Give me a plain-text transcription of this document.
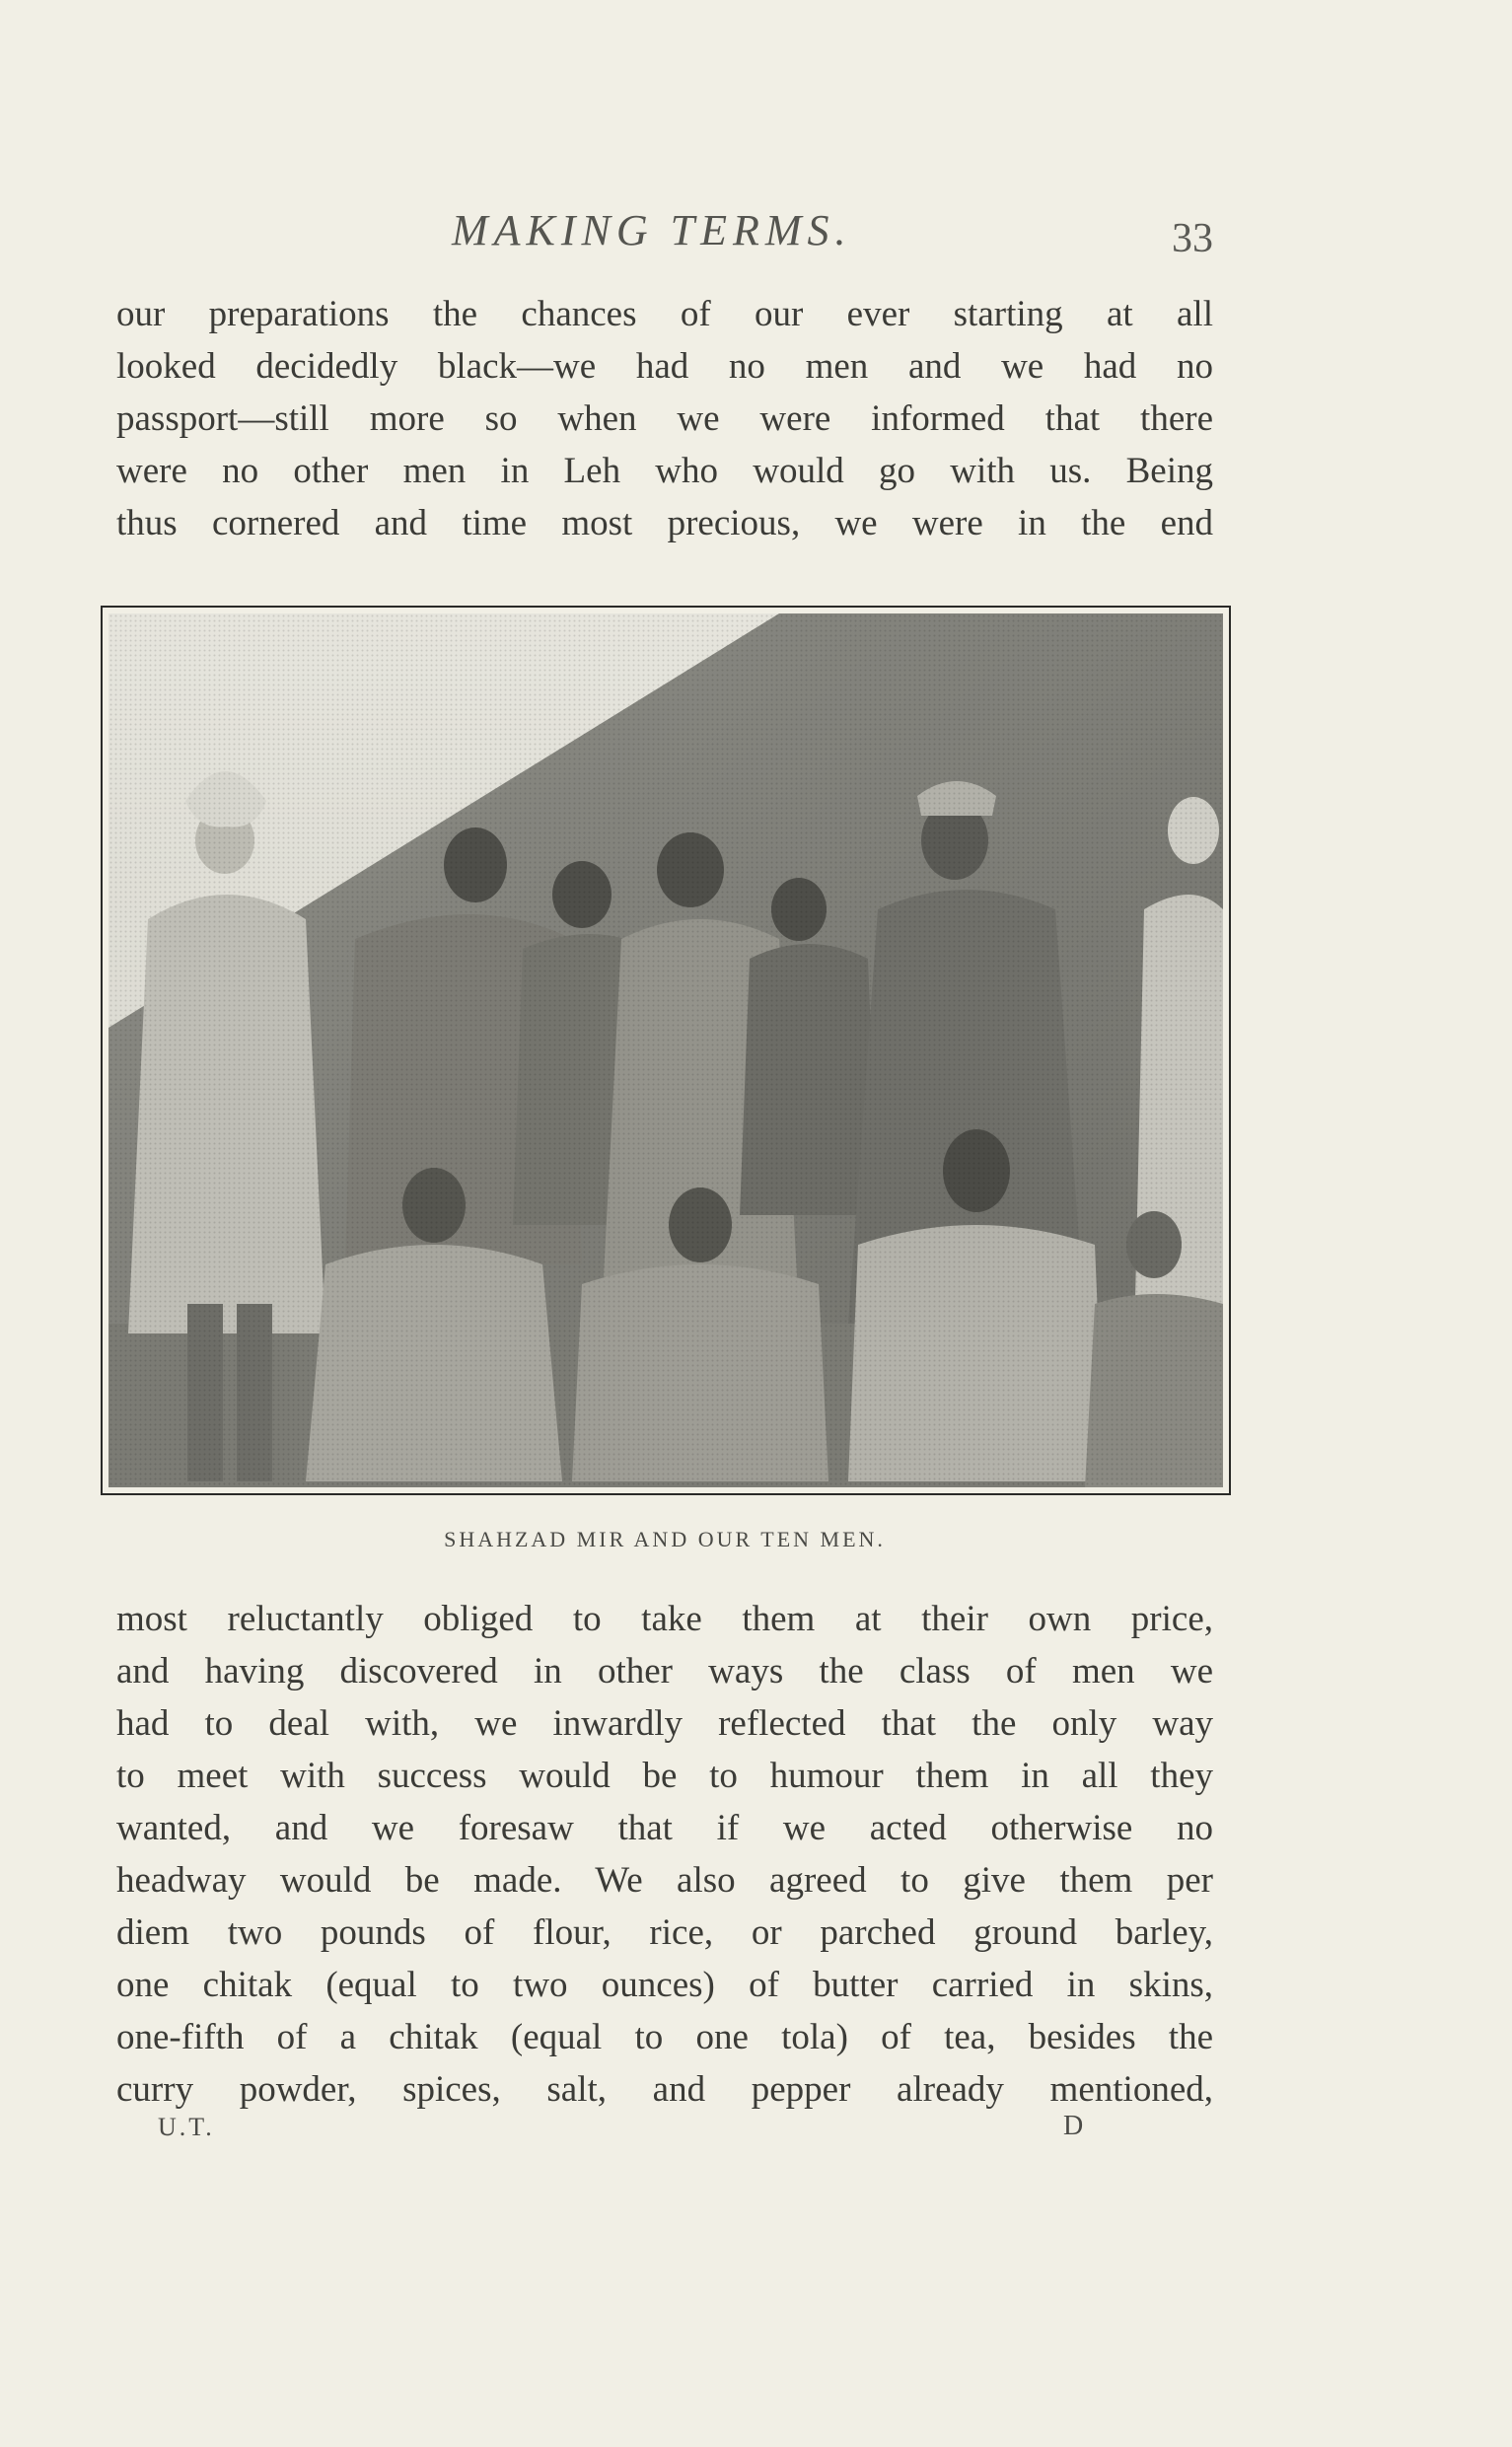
MAKING TERMS.	33
our preparations the chances of our ever starting at all
looked decidedly black—we had no men and we had no
passport—still more so when we were informed that there
were no other men in Leh who would go with us. Being
thus cornered and time most precious, we were in the end
SHAHZAD MIR AND OUR TEN MEN.
most reluctantly obliged to take them at their own price,
and having discovered in other ways the class of men we
had to deal with, we inwardly reflected that the only way
to meet with success would be to humour them in all they
wanted, and we foresaw that if we acted otherwise no
headway would be made. We also agreed to give them per
diem two pounds of flour, rice, or parched ground barley,
one chitak (equal to two ounces) of butter carried in skins,
one-fifth of a chitak (equal to one tola) of tea, besides the
curry powder, spices, salt, and pepper already mentioned,
U.T.	D
